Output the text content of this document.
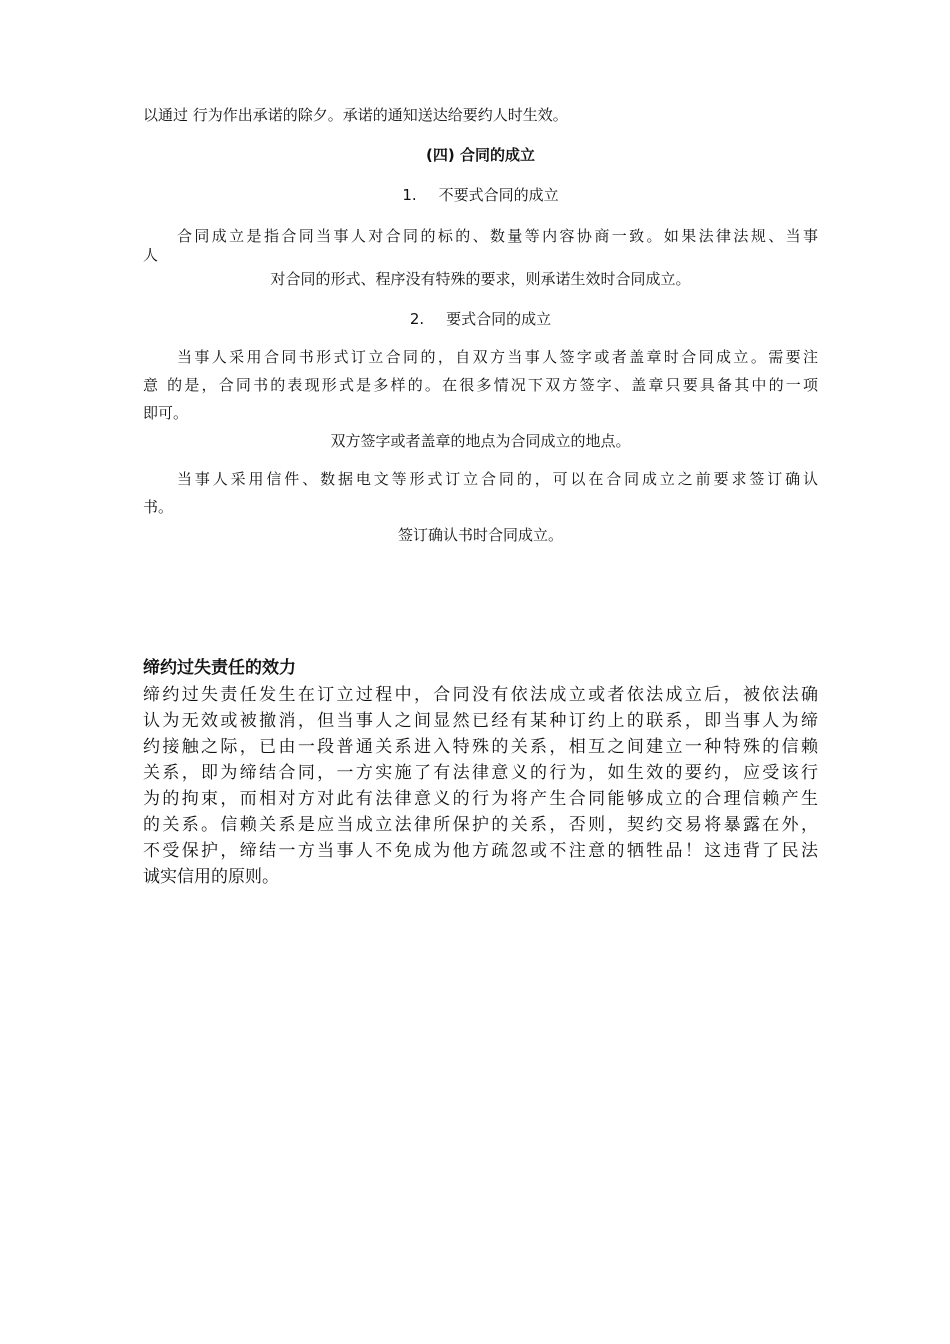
以通过 行为作出承诺的除夕。承诺的通知送达给要约人时生效。
(四) 合同的成立
1. 不要式合同的成立
合同成立是指合同当事人对合同的标的、数量等内容协商一致。如果法律法规、当事
人
对合同的形式、程序没有特殊的要求，则承诺生效时合同成立。
2. 要式合同的成立
当事人采用合同书形式订立合同的，自双方当事人签字或者盖章时合同成立。需要注
意 的是，合同书的表现形式是多样的。在很多情况下双方签字、盖章只要具备其中的一项
即可。
双方签字或者盖章的地点为合同成立的地点。
当事人采用信件、数据电文等形式订立合同的，可以在合同成立之前要求签订确认
书。
签订确认书时合同成立。
缔约过失责任的效力
缔约过失责任发生在订立过程中，合同没有依法成立或者依法成立后，被依法确
认为无效或被撤消，但当事人之间显然已经有某种订约上的联系，即当事人为缔
约接触之际，已由一段普通关系进入特殊的关系，相互之间建立一种特殊的信赖
关系，即为缔结合同，一方实施了有法律意义的行为，如生效的要约，应受该行
为的拘束，而相对方对此有法律意义的行为将产生合同能够成立的合理信赖产生
的关系。信赖关系是应当成立法律所保护的关系，否则，契约交易将暴露在外，
不受保护，缔结一方当事人不免成为他方疏忽或不注意的牺牲品！这违背了民法
诚实信用的原则。
